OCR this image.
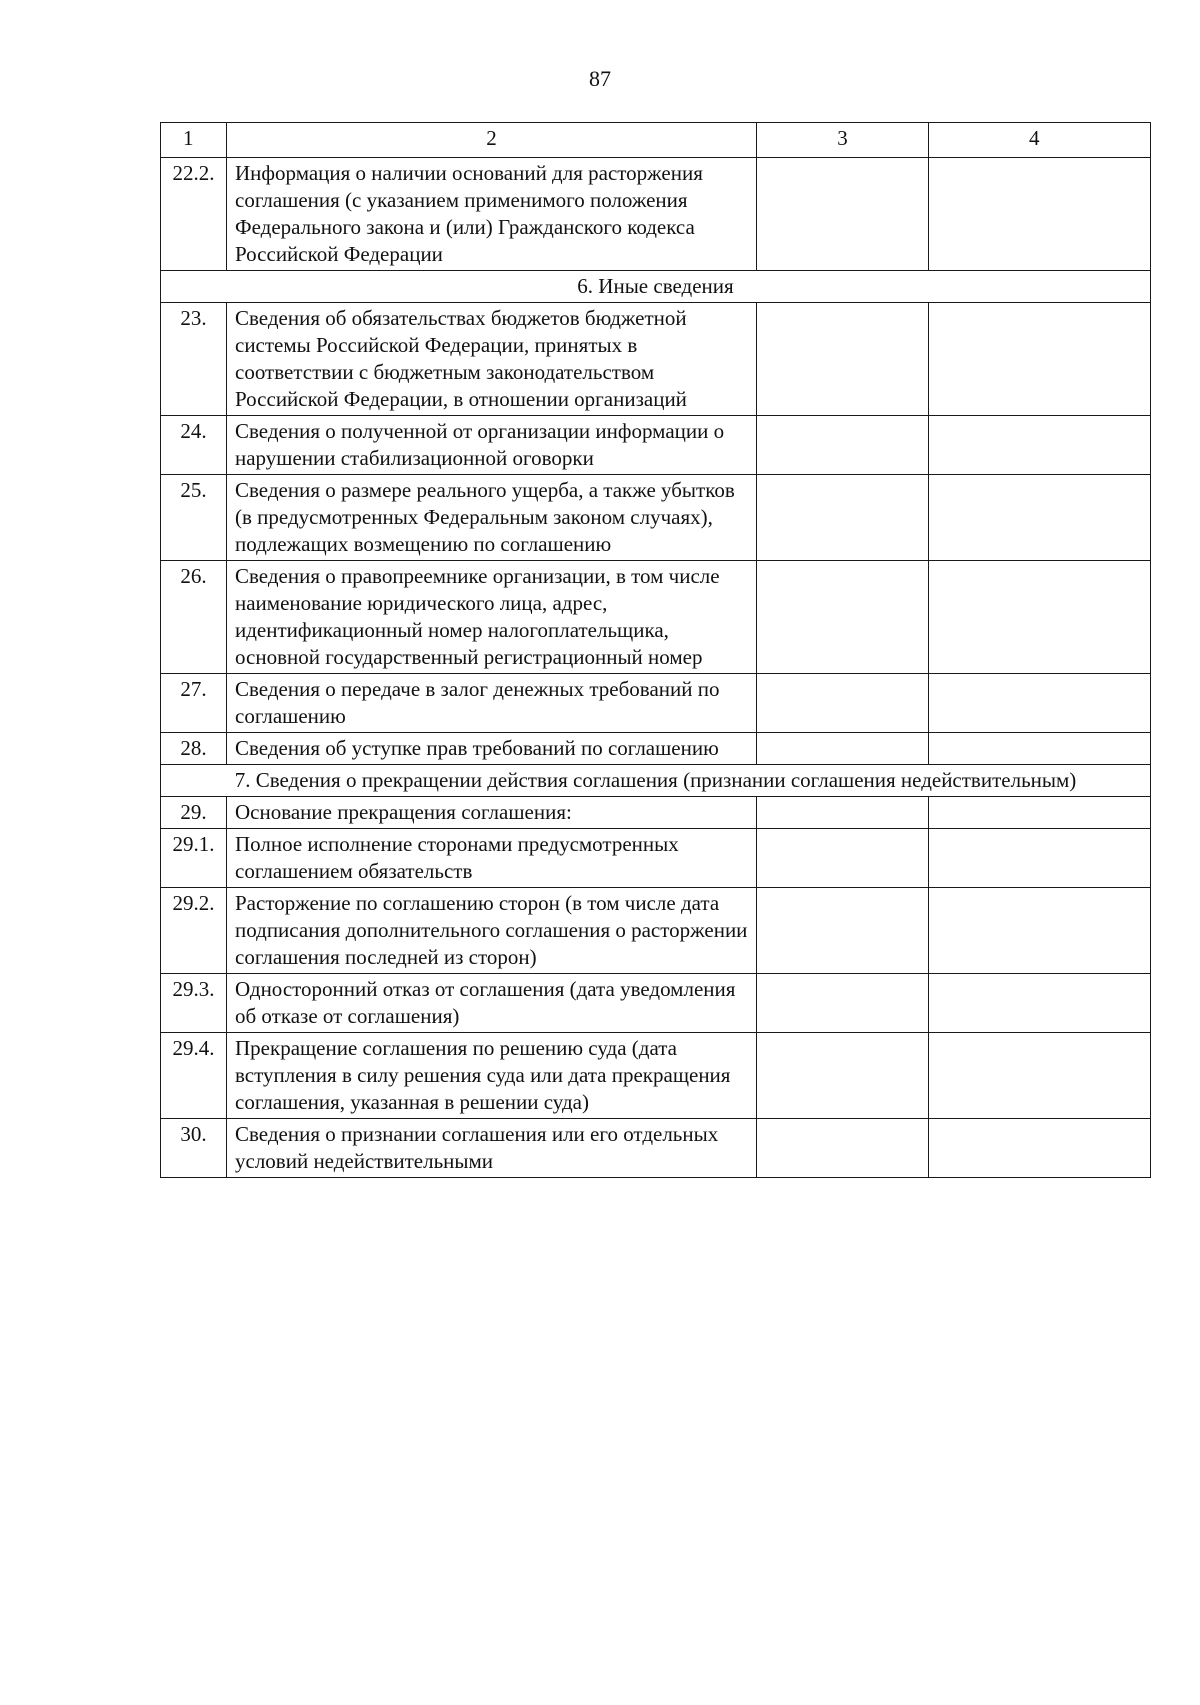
87
1	2	3	4
22.2.	Информация о наличии оснований для расторжения соглашения (с указанием применимого положения Федерального закона и (или) Гражданского кодекса Российской Федерации		
6. Иные сведения			
23.	Сведения об обязательствах бюджетов бюджетной системы Российской Федерации, принятых в соответствии с бюджетным законодательством Российской Федерации, в отношении организаций		
24.	Сведения о полученной от организации информации о нарушении стабилизационной оговорки		
25.	Сведения о размере реального ущерба, а также убытков (в предусмотренных Федеральным законом случаях), подлежащих возмещению по соглашению		
26.	Сведения о правопреемнике организации, в том числе наименование юридического лица, адрес, идентификационный номер налогоплательщика, основной государственный регистрационный номер		
27.	Сведения о передаче в залог денежных требований по соглашению		
28.	Сведения об уступке прав требований по соглашению		
7. Сведения о прекращении действия соглашения (признании соглашения недействительным)			
29.	Основание прекращения соглашения:		
29.1.	Полное исполнение сторонами предусмотренных соглашением обязательств		
29.2.	Расторжение по соглашению сторон (в том числе дата подписания дополнительного соглашения о расторжении соглашения последней из сторон)		
29.3.	Односторонний отказ от соглашения (дата уведомления об отказе от соглашения)		
29.4.	Прекращение соглашения по решению суда (дата вступления в силу решения суда или дата прекращения соглашения, указанная в решении суда)		
30.	Сведения о признании соглашения или его отдельных условий недействительными		
